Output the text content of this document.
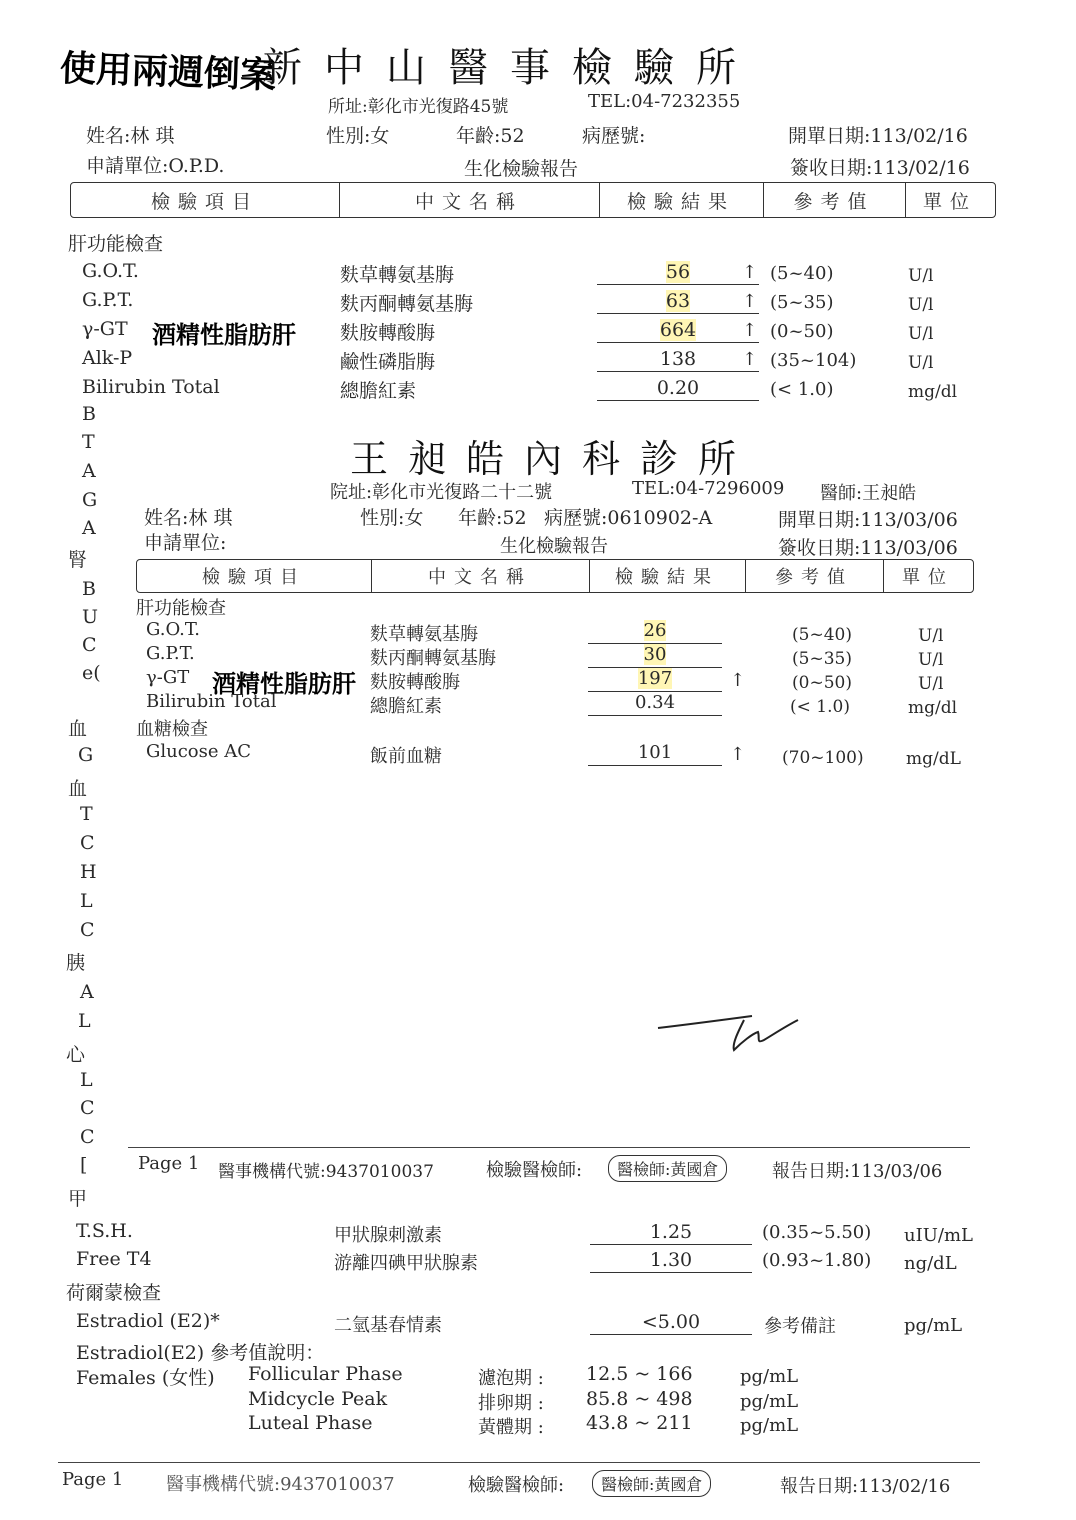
使用兩週倒案
新中山醫事檢驗所
所址:彰化市光復路45號	TEL:04-7232355
姓名:林 琪	性別:女	年齡:52	病歷號:	開單日期:113/02/16
申請單位:O.P.D.	生化檢驗報告	簽收日期:113/02/16
檢驗項目	中文名稱	檢驗結果	參考值	單位
肝功能檢查
G.O.T.	麩草轉氨基脢	56	↑ (5~40)	U/l
G.P.T.	麩丙酮轉氨基脢	63	↑ (5~35)	U/l
γ-GT 酒精性脂肪肝 麩胺轉酸脢	664	↑ (0~50)	U/l
Alk-P	鹼性磷脂脢	138	↑ (35~104)	U/l
Bilirubin Total	總膽紅素	0.20	(< 1.0)	mg/dl
B
T
A
G
A
腎
B
U
C
e(
血
G
血
T
C
H
L
C
胰
A
L
心
L
C
C
[
甲
王昶皓內科診所
院址:彰化市光復路二十二號	TEL:04-7296009 醫師:王昶皓
姓名:林 琪	性別:女 年齡:52 病歷號:0610902-A	開單日期:113/03/06
申請單位:	生化檢驗報告	簽收日期:113/03/06
檢驗項目	中文名稱	檢驗結果	參考值	單位
肝功能檢查
G.O.T.	麩草轉氨基脢	26	(5~40)	U/l
G.P.T.	麩丙酮轉氨基脢	30	(5~35)	U/l
γ-GT 酒精性脂肪肝 麩胺轉酸脢	197	↑	(0~50)	U/l
Bilirubin Total	總膽紅素	0.34	(< 1.0)	mg/dl
血糖檢查
Glucose AC	飯前血糖	101	↑ (70~100) mg/dL
Page 1 醫事機構代號:9437010037	檢驗醫檢師:	醫檢師:黃國倉	報告日期:113/03/06
T.S.H.	甲狀腺刺激素	1.25	(0.35~5.50) uIU/mL
Free T4	游離四碘甲狀腺素	1.30	(0.93~1.80) ng/dL
荷爾蒙檢查
Estradiol (E2)*	二氫基春情素	<5.00	參考備註	pg/mL
Estradiol(E2) 參考值說明：
Females (女性) Follicular Phase	濾泡期 : 12.5 ~ 166	pg/mL
Midcycle Peak	排卵期 : 85.8 ~ 498	pg/mL
Luteal Phase	黃體期 : 43.8 ~ 211	pg/mL
Page 1 醫事機構代號:9437010037	檢驗醫檢師:	醫檢師:黃國倉	報告日期:113/02/16
